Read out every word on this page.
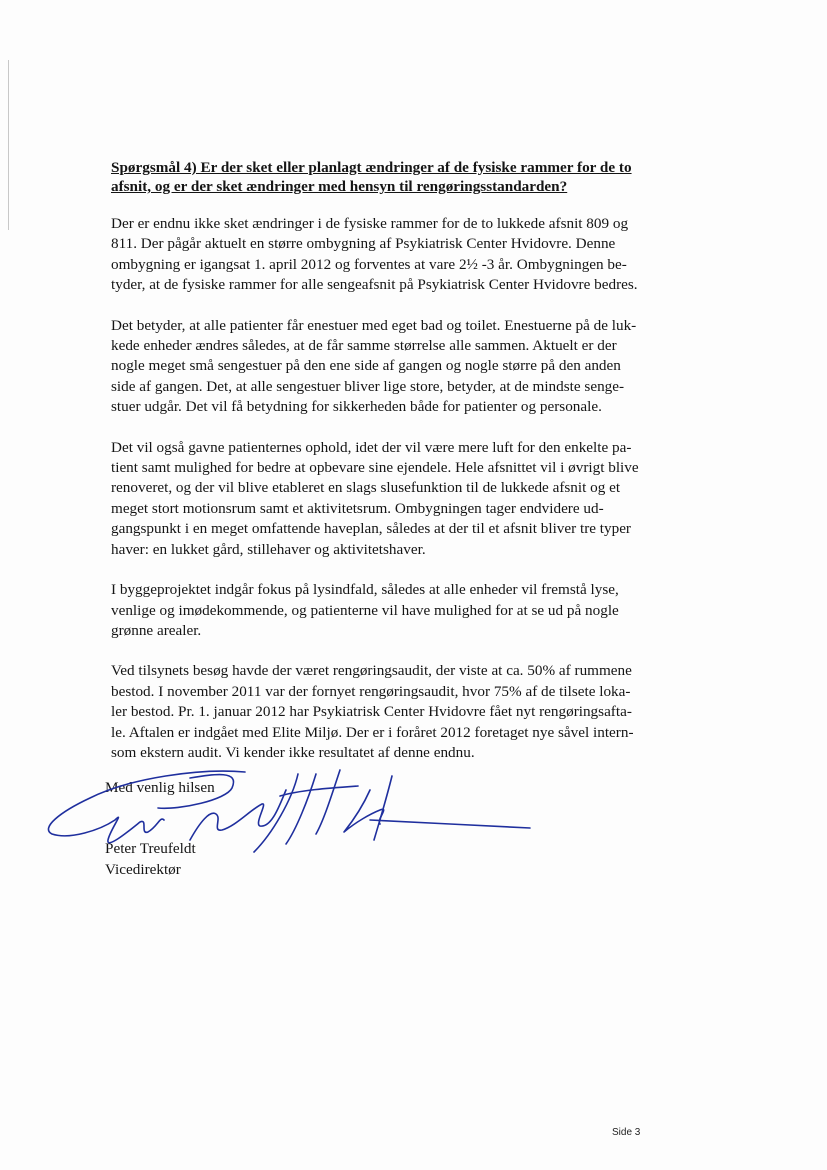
Spørgsmål 4) Er der sket eller planlagt ændringer af de fysiske rammer for de to
afsnit, og er der sket ændringer med hensyn til rengøringsstandarden?
Der er endnu ikke sket ændringer i de fysiske rammer for de to lukkede afsnit 809 og
811. Der pågår aktuelt en større ombygning af Psykiatrisk Center Hvidovre. Denne
ombygning er igangsat 1. april 2012 og forventes at vare 2½ -3 år. Ombygningen be-
tyder, at de fysiske rammer for alle sengeafsnit på Psykiatrisk Center Hvidovre bedres.
Det betyder, at alle patienter får enestuer med eget bad og toilet. Enestuerne på de luk-
kede enheder ændres således, at de får samme størrelse alle sammen. Aktuelt er der
nogle meget små sengestuer på den ene side af gangen og nogle større på den anden
side af gangen. Det, at alle sengestuer bliver lige store, betyder, at de mindste senge-
stuer udgår. Det vil få betydning for sikkerheden både for patienter og personale.
Det vil også gavne patienternes ophold, idet der vil være mere luft for den enkelte pa-
tient samt mulighed for bedre at opbevare sine ejendele. Hele afsnittet vil i øvrigt blive
renoveret, og der vil blive etableret en slags slusefunktion til de lukkede afsnit og et
meget stort motionsrum samt et aktivitetsrum. Ombygningen tager endvidere ud-
gangspunkt i en meget omfattende haveplan, således at der til et afsnit bliver tre typer
haver: en lukket gård, stillehaver og aktivitetshaver.
I byggeprojektet indgår fokus på lysindfald, således at alle enheder vil fremstå lyse,
venlige og imødekommende, og patienterne vil have mulighed for at se ud på nogle
grønne arealer.
Ved tilsynets besøg havde der været rengøringsaudit, der viste at ca. 50% af rummene
bestod. I november 2011 var der fornyet rengøringsaudit, hvor 75% af de tilsete loka-
ler bestod. Pr. 1. januar 2012 har Psykiatrisk Center Hvidovre fået nyt rengøringsafta-
le. Aftalen er indgået med Elite Miljø. Der er i foråret 2012 foretaget nye såvel intern-
som ekstern audit. Vi kender ikke resultatet af denne endnu.
Med venlig hilsen
Peter Treufeldt
Vicedirektør
Side 3
